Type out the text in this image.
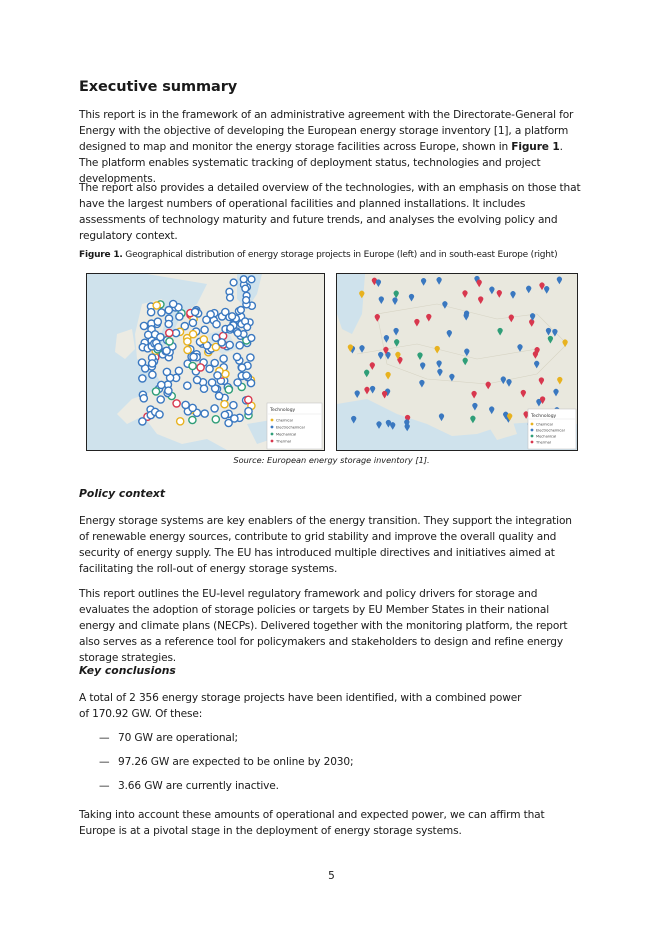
Executive summary

This report is in the framework of an administrative agreement with the Directorate-General for Energy with the objective of developing the European energy storage inventory [1], a platform designed to map and monitor the energy storage facilities across Europe, shown in Figure 1. The platform enables systematic tracking of deployment status, technologies and project developments.

The report also provides a detailed overview of the technologies, with an emphasis on those that have the largest numbers of operational facilities and planned installations. It includes assessments of technology maturity and future trends, and analyses the evolving policy and regulatory context.

Figure 1. Geographical distribution of energy storage projects in Europe (left) and in south-east Europe (right)
Technology
Chemical
Electrochemical
Mechanical
Thermal
Technology
Chemical
Electrochemical
Mechanical
Thermal
Source: European energy storage inventory [1].
Policy context

Energy storage systems are key enablers of the energy transition. They support the integration of renewable energy sources, contribute to grid stability and improve the overall quality and security of energy supply. The EU has introduced multiple directives and initiatives aimed at facilitating the roll-out of energy storage systems.

This report outlines the EU-level regulatory framework and policy drivers for storage and evaluates the adoption of storage policies or targets by EU Member States in their national energy and climate plans (NECPs). Delivered together with the monitoring platform, the report also serves as a reference tool for policymakers and stakeholders to design and refine energy storage strategies.

Key conclusions

A total of 2 356 energy storage projects have been identified, with a combined power of 170.92 GW. Of these:

— 70 GW are operational;
— 97.26 GW are expected to be online by 2030;
— 3.66 GW are currently inactive.

Taking into account these amounts of operational and expected power, we can affirm that Europe is at a pivotal stage in the deployment of energy storage systems.

5
